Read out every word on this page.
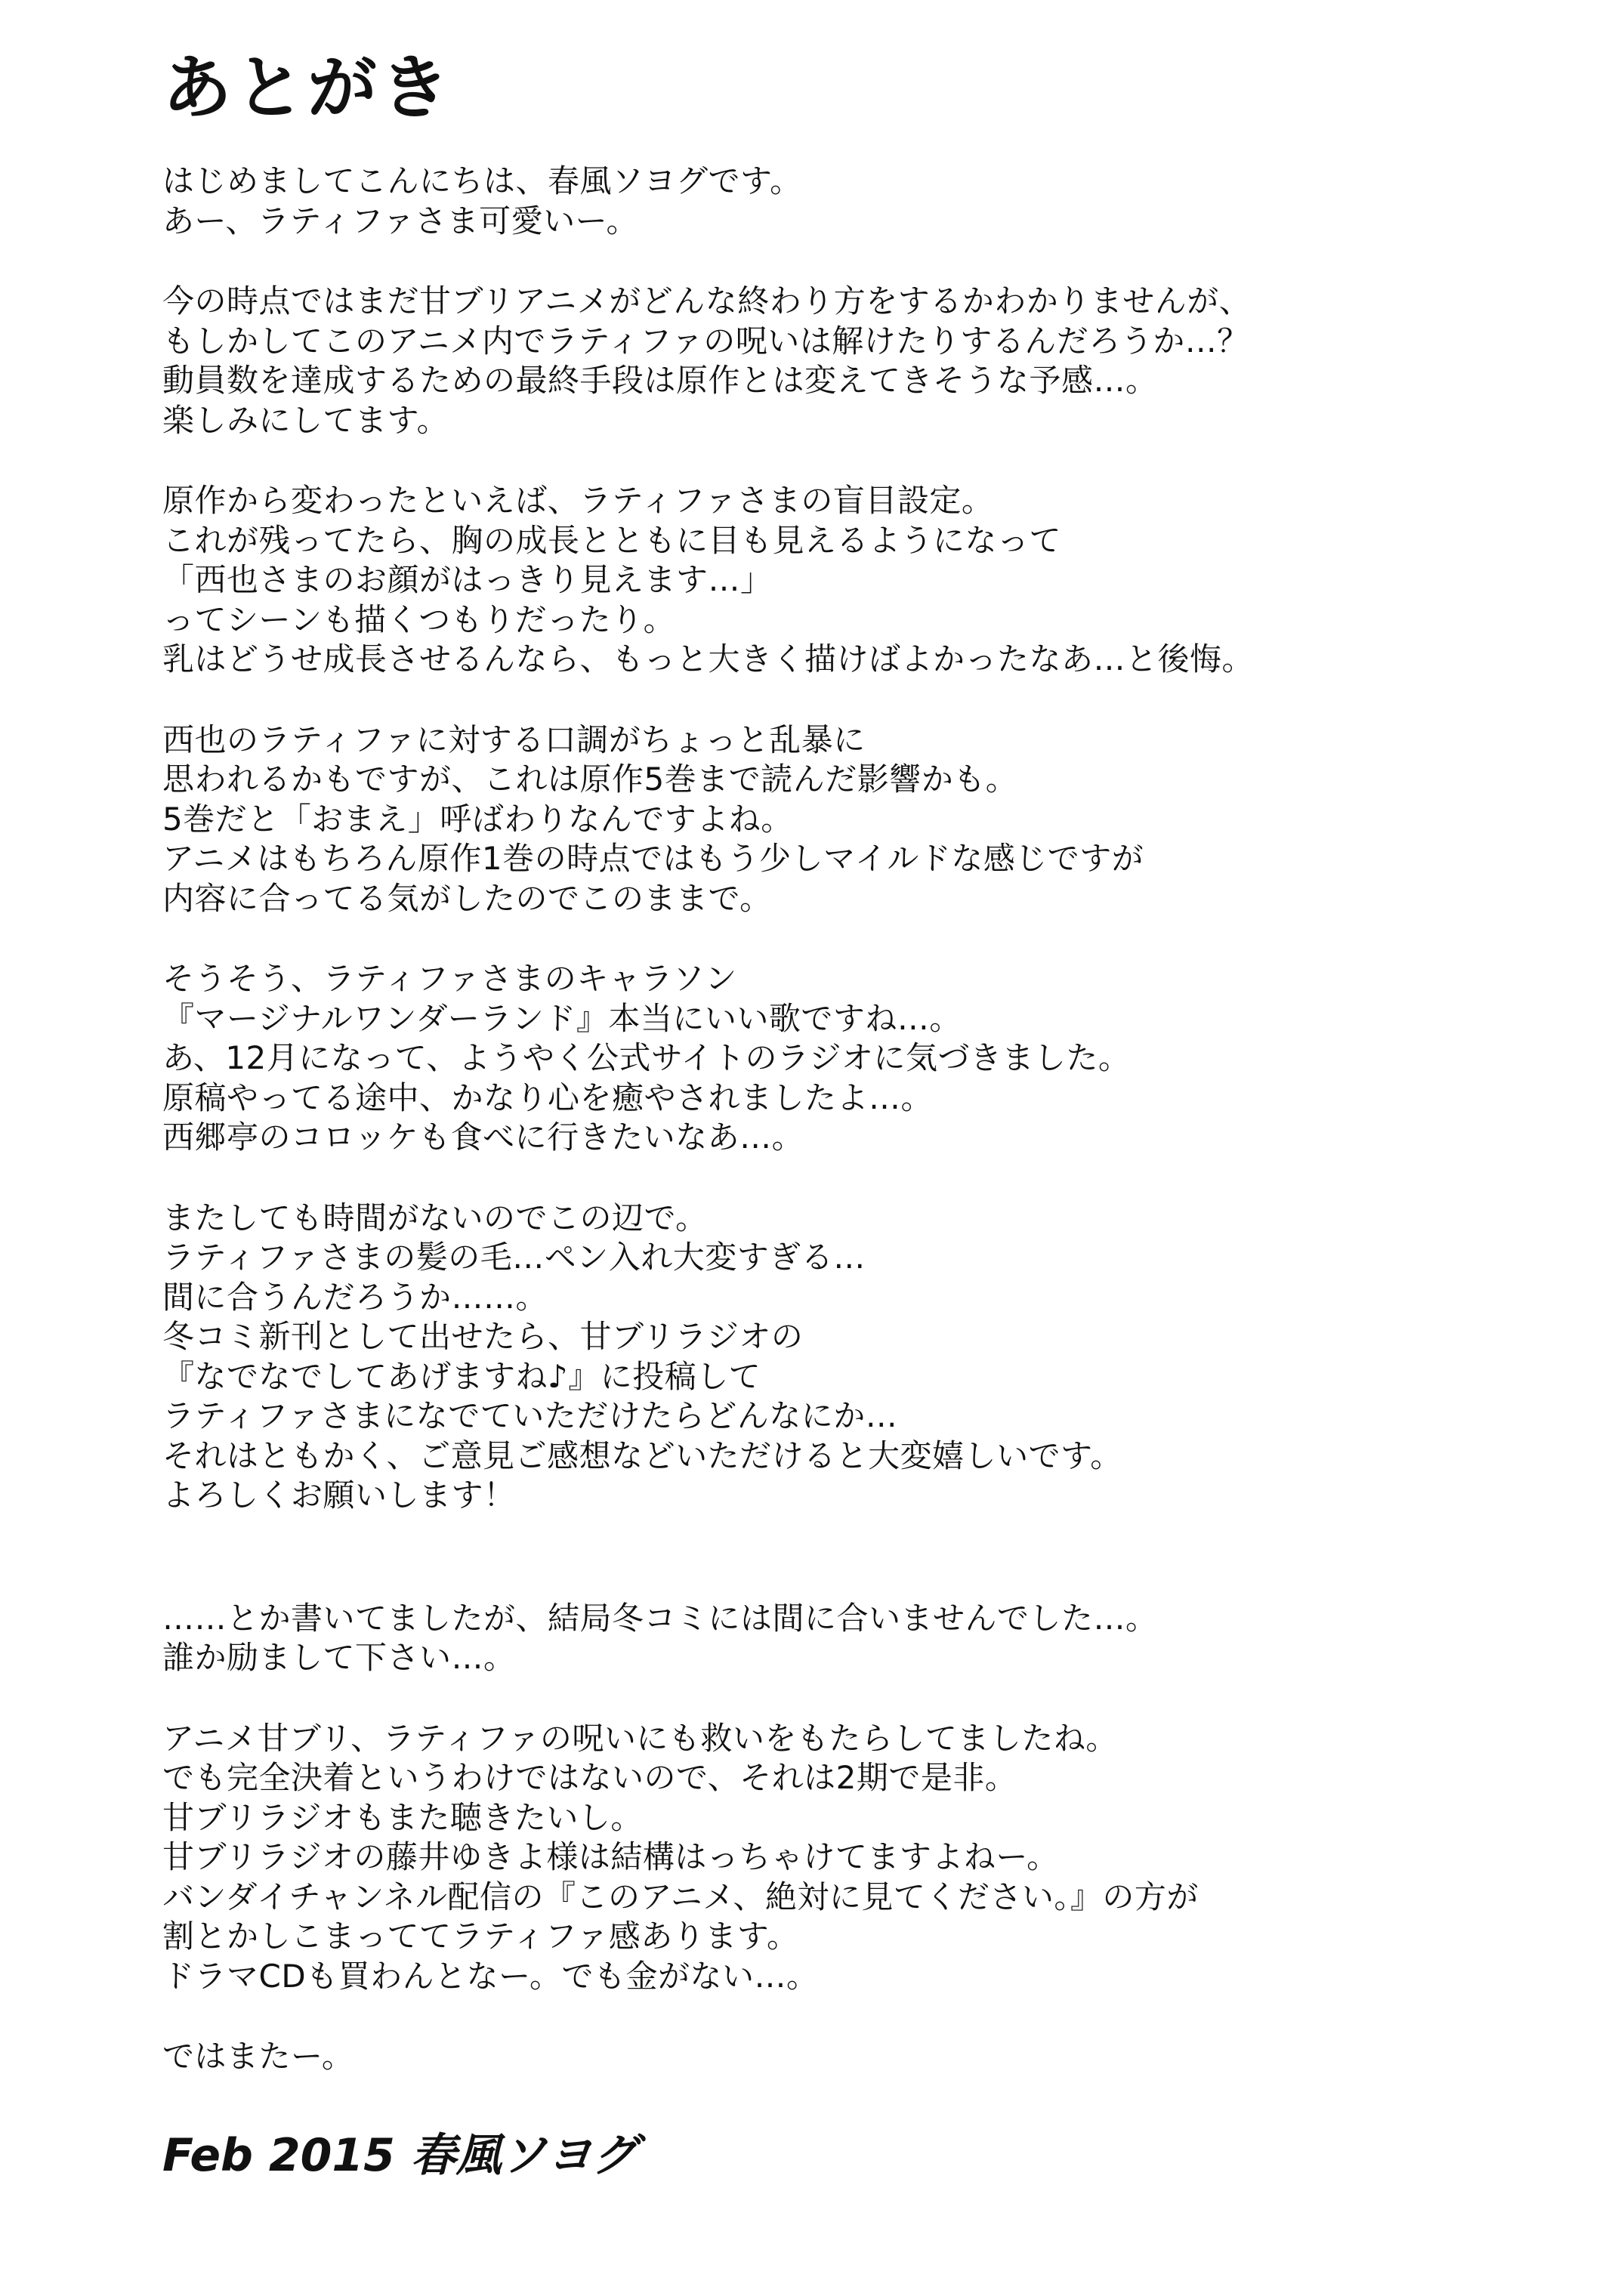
あとがき
はじめましてこんにちは、春風ソヨグです。
あー、ラティファさま可愛いー。
今の時点ではまだ甘ブリアニメがどんな終わり方をするかわかりませんが、
もしかしてこのアニメ内でラティファの呪いは解けたりするんだろうか…？
動員数を達成するための最終手段は原作とは変えてきそうな予感…。
楽しみにしてます。
原作から変わったといえば、ラティファさまの盲目設定。
これが残ってたら、胸の成長とともに目も見えるようになって
「西也さまのお顔がはっきり見えます…」
ってシーンも描くつもりだったり。
乳はどうせ成長させるんなら、もっと大きく描けばよかったなあ…と後悔。
西也のラティファに対する口調がちょっと乱暴に
思われるかもですが、これは原作5巻まで読んだ影響かも。
5巻だと「おまえ」呼ばわりなんですよね。
アニメはもちろん原作1巻の時点ではもう少しマイルドな感じですが
内容に合ってる気がしたのでこのままで。
そうそう、ラティファさまのキャラソン
『マージナルワンダーランド』本当にいい歌ですね…。
あ、12月になって、ようやく公式サイトのラジオに気づきました。
原稿やってる途中、かなり心を癒やされましたよ…。
西郷亭のコロッケも食べに行きたいなあ…。
またしても時間がないのでこの辺で。
ラティファさまの髪の毛…ペン入れ大変すぎる…
間に合うんだろうか……。
冬コミ新刊として出せたら、甘ブリラジオの
『なでなでしてあげますね♪』に投稿して
ラティファさまになでていただけたらどんなにか…
それはともかく、ご意見ご感想などいただけると大変嬉しいです。
よろしくお願いします！
……とか書いてましたが、結局冬コミには間に合いませんでした…。
誰か励まして下さい…。
アニメ甘ブリ、ラティファの呪いにも救いをもたらしてましたね。
でも完全決着というわけではないので、それは2期で是非。
甘ブリラジオもまた聴きたいし。
甘ブリラジオの藤井ゆきよ様は結構はっちゃけてますよねー。
バンダイチャンネル配信の『このアニメ、絶対に見てください。』の方が
割とかしこまっててラティファ感あります。
ドラマCDも買わんとなー。でも金がない…。
ではまたー。
Feb 2015 春風ソヨグ
